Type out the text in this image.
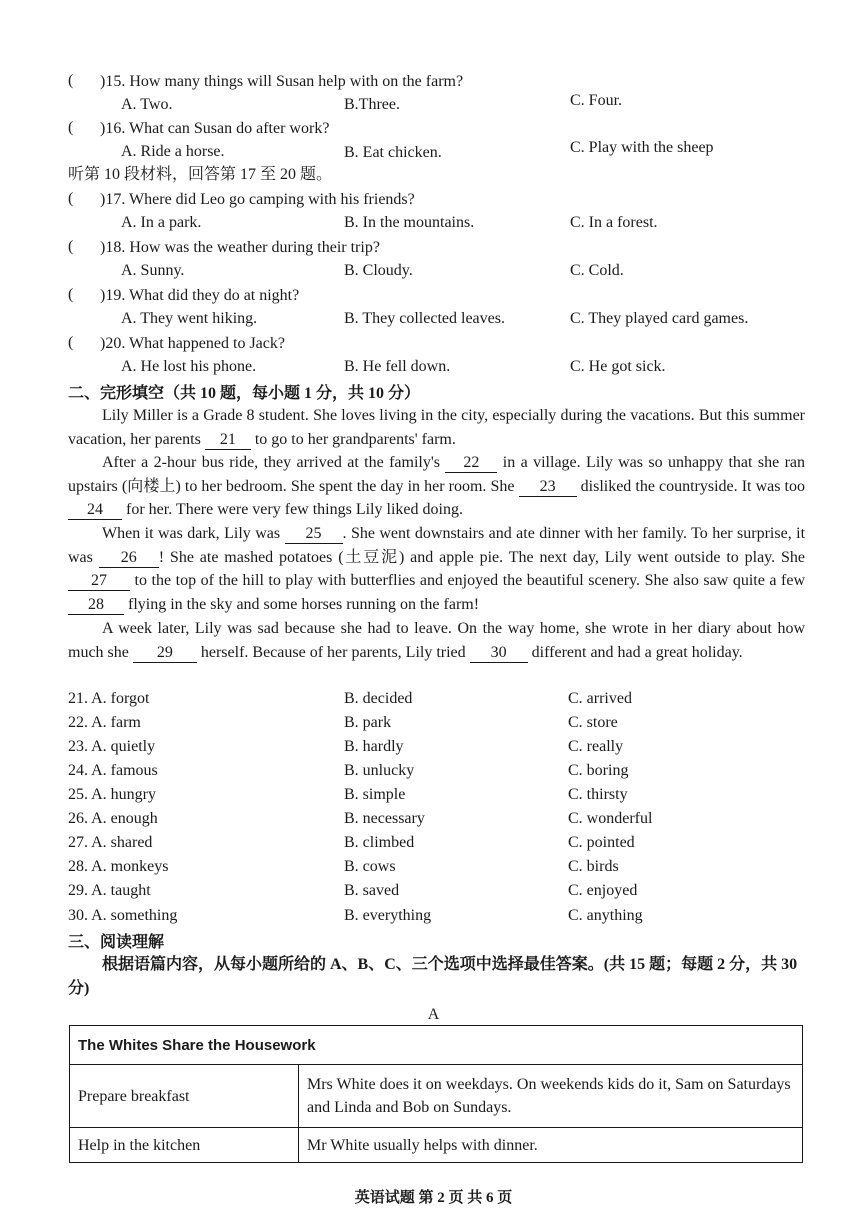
( )15. How many things will Susan help with on the farm?
A. Two.	B.Three.	C. Four.
( )16. What can Susan do after work?
A. Ride a horse.	B. Eat chicken.	C. Play with the sheep
听第 10 段材料，回答第 17 至 20 题。
( )17. Where did Leo go camping with his friends?
A. In a park.	B. In the mountains.	C. In a forest.
( )18. How was the weather during their trip?
A. Sunny.	B. Cloudy.	C. Cold.
( )19. What did they do at night?
A. They went hiking.	B. They collected leaves.	C. They played card games.
( )20. What happened to Jack?
A. He lost his phone.	B. He fell down.	C. He got sick.
二、完形填空（共 10 题，每小题 1 分，共 10 分）
Lily Miller is a Grade 8 student. She loves living in the city, especially during the vacations. But this summer vacation, her parents 21 to go to her grandparents' farm.
After a 2-hour bus ride, they arrived at the family's 22 in a village. Lily was so unhappy that she ran upstairs (向楼上) to her bedroom. She spent the day in her room. She 23 disliked the countryside. It was too 24 for her. There were very few things Lily liked doing.
When it was dark, Lily was 25 . She went downstairs and ate dinner with her family. To her surprise, it was 26 ! She ate mashed potatoes (土豆泥) and apple pie. The next day, Lily went outside to play. She 27 to the top of the hill to play with butterflies and enjoyed the beautiful scenery. She also saw quite a few 28 flying in the sky and some horses running on the farm!
A week later, Lily was sad because she had to leave. On the way home, she wrote in her diary about how much she 29 herself. Because of her parents, Lily tried 30 different and had a great holiday.
21. A. forgot	B. decided	C. arrived
22. A. farm	B. park	C. store
23. A. quietly	B. hardly	C. really
24. A. famous	B. unlucky	C. boring
25. A. hungry	B. simple	C. thirsty
26. A. enough	B. necessary	C. wonderful
27. A. shared	B. climbed	C. pointed
28. A. monkeys	B. cows	C. birds
29. A. taught	B. saved	C. enjoyed
30. A. something	B. everything	C. anything
三、阅读理解
根据语篇内容，从每小题所给的 A、B、C、三个选项中选择最佳答案。(共 15 题；每题 2 分，共 30 分)
A
The Whites Share the Housework	
Prepare breakfast	Mrs White does it on weekdays. On weekends kids do it, Sam on Saturdays and Linda and Bob on Sundays.
Help in the kitchen	Mr White usually helps with dinner.
英语试题 第 2 页 共 6 页
